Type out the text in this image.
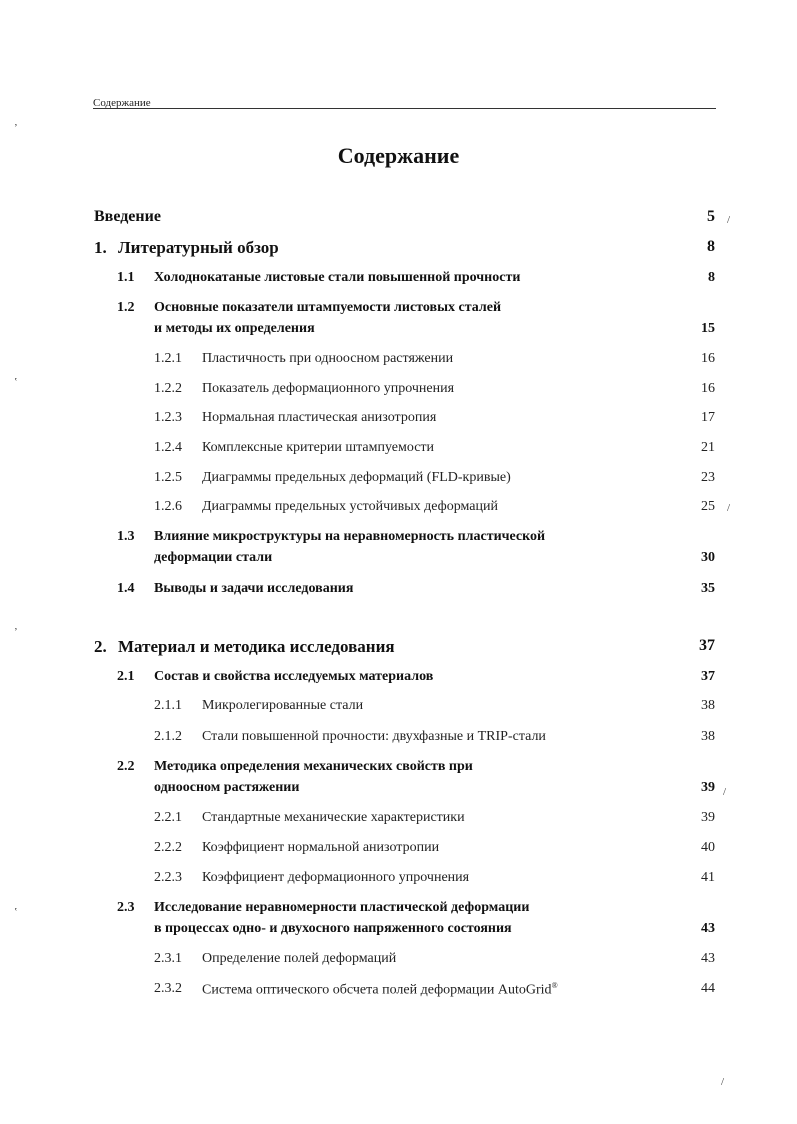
Содержание
Содержание
Введение	5
1. Литературный обзор	8
1.1 Холоднокатаные листовые стали повышенной прочности	8
1.2 Основные показатели штампуемости листовых сталей
и методы их определения	15
1.2.1 Пластичность при одноосном растяжении	16
1.2.2 Показатель деформационного упрочнения	16
1.2.3 Нормальная пластическая анизотропия	17
1.2.4 Комплексные критерии штампуемости	21
1.2.5 Диаграммы предельных деформаций (FLD-кривые)	23
1.2.6 Диаграммы предельных устойчивых деформаций	25
1.3 Влияние микроструктуры на неравномерность пластической
деформации стали	30
1.4 Выводы и задачи исследования	35
2. Материал и методика исследования	37
2.1 Состав и свойства исследуемых материалов	37
2.1.1 Микролегированные стали	38
2.1.2 Стали повышенной прочности: двухфазные и TRIP-стали	38
2.2 Методика определения механических свойств при
одноосном растяжении	39
2.2.1 Стандартные механические характеристики	39
2.2.2 Коэффициент нормальной анизотропии	40
2.2.3 Коэффициент деформационного упрочнения	41
2.3 Исследование неравномерности пластической деформации
в процессах одно- и двухосного напряженного состояния	43
2.3.1 Определение полей деформаций	43
2.3.2 Система оптического обсчета полей деформации AutoGrid®	44
ʼ
ʽ
ʼ
ʽ
/
/
/
/
